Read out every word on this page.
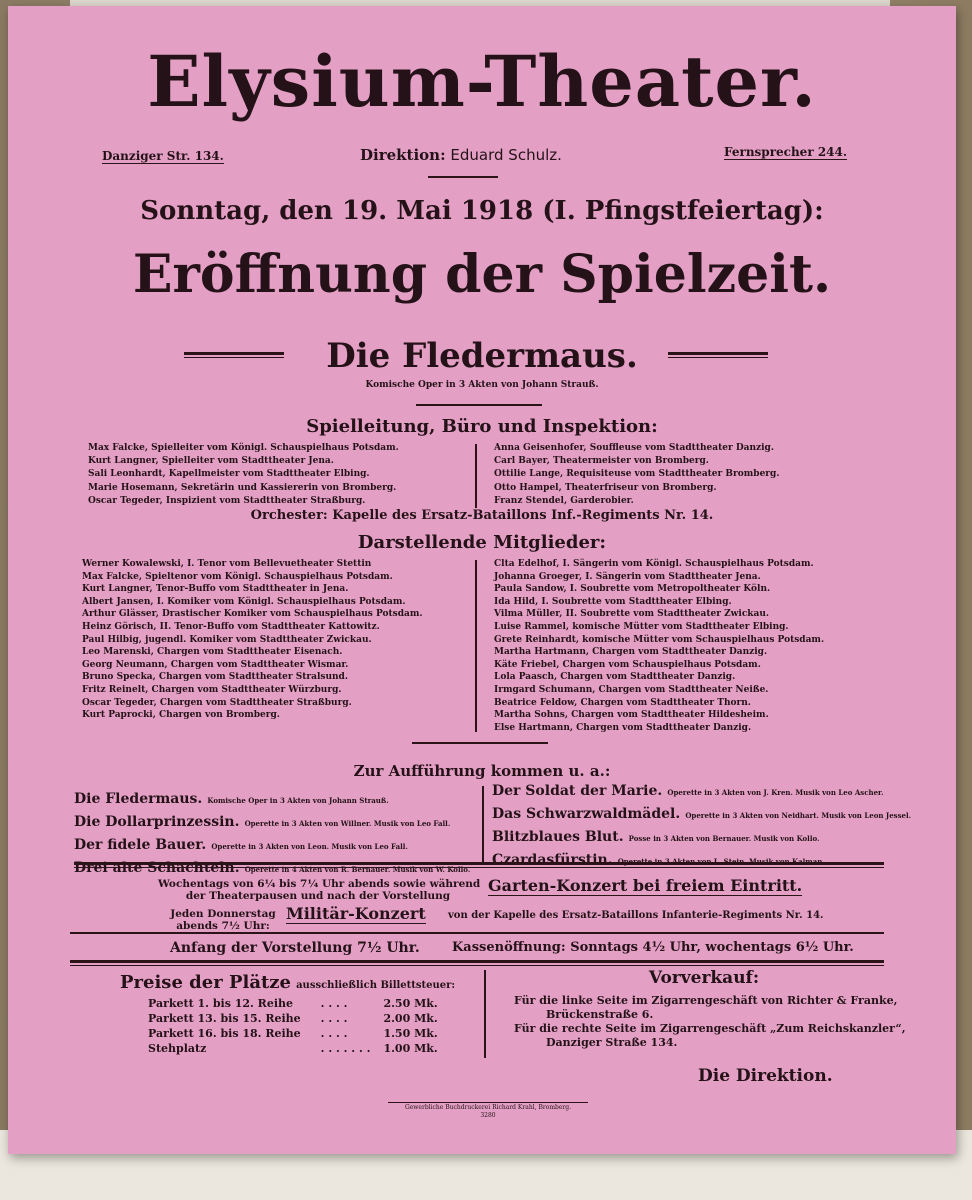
Elysium-Theater.
Danziger Str. 134.	Direktion: Eduard Schulz.	Fernsprecher 244.
Sonntag, den 19. Mai 1918 (I. Pfingstfeiertag):
Eröffnung der Spielzeit.
Die Fledermaus.
Komische Oper in 3 Akten von Johann Strauß.
Spielleitung, Büro und Inspektion:
Max Falcke, Spielleiter vom Königl. Schauspielhaus Potsdam.
Kurt Langner, Spielleiter vom Stadttheater Jena.
Sali Leonhardt, Kapellmeister vom Stadttheater Elbing.
Marie Hosemann, Sekretärin und Kassiererin von Bromberg.
Oscar Tegeder, Inspizient vom Stadttheater Straßburg.
Anna Geisenhofer, Souffleuse vom Stadttheater Danzig.
Carl Bayer, Theatermeister von Bromberg.
Ottilie Lange, Requisiteuse vom Stadttheater Bromberg.
Otto Hampel, Theaterfriseur von Bromberg.
Franz Stendel, Garderobier.
Orchester: Kapelle des Ersatz-Bataillons Inf.-Regiments Nr. 14.
Darstellende Mitglieder:
Werner Kowalewski, I. Tenor vom Bellevuetheater Stettin
Max Falcke, Spieltenor vom Königl. Schauspielhaus Potsdam.
Kurt Langner, Tenor-Buffo vom Stadttheater in Jena.
Albert Jansen, I. Komiker vom Königl. Schauspielhaus Potsdam.
Arthur Glässer, Drastischer Komiker vom Schauspielhaus Potsdam.
Heinz Görisch, II. Tenor-Buffo vom Stadttheater Kattowitz.
Paul Hilbig, jugendl. Komiker vom Stadttheater Zwickau.
Leo Marenski, Chargen vom Stadttheater Eisenach.
Georg Neumann, Chargen vom Stadttheater Wismar.
Bruno Specka, Chargen vom Stadttheater Stralsund.
Fritz Reinelt, Chargen vom Stadttheater Würzburg.
Oscar Tegeder, Chargen vom Stadttheater Straßburg.
Kurt Paprocki, Chargen von Bromberg.
Clta Edelhof, I. Sängerin vom Königl. Schauspielhaus Potsdam.
Johanna Groeger, I. Sängerin vom Stadttheater Jena.
Paula Sandow, I. Soubrette vom Metropoltheater Köln.
Ida Hild, I. Soubrette vom Stadttheater Elbing.
Vilma Müller, II. Soubrette vom Stadttheater Zwickau.
Luise Rammel, komische Mütter vom Stadttheater Elbing.
Grete Reinhardt, komische Mütter vom Schauspielhaus Potsdam.
Martha Hartmann, Chargen vom Stadttheater Danzig.
Käte Friebel, Chargen vom Schauspielhaus Potsdam.
Lola Paasch, Chargen vom Stadttheater Danzig.
Irmgard Schumann, Chargen vom Stadttheater Neiße.
Beatrice Feldow, Chargen vom Stadttheater Thorn.
Martha Sohns, Chargen vom Stadttheater Hildesheim.
Else Hartmann, Chargen vom Stadttheater Danzig.
Zur Aufführung kommen u. a.:
Die Fledermaus. Komische Oper in 3 Akten von Johann Strauß.
Die Dollarprinzessin. Operette in 3 Akten von Willner. Musik von Leo Fall.
Der fidele Bauer. Operette in 3 Akten von Leon. Musik von Leo Fall.
Drei alte Schachteln. Operette in 4 Akten von R. Bernauer. Musik von W. Kollo.
Der Soldat der Marie. Operette in 3 Akten von J. Kren. Musik von Leo Ascher.
Das Schwarzwaldmädel. Operette in 3 Akten von Neidhart. Musik von Leon Jessel.
Blitzblaues Blut. Posse in 3 Akten von Bernauer. Musik von Kollo.
Czardasfürstin. Operette in 3 Akten von L. Stein. Musik von Kalman.
Wochentags von 6¼ bis 7¼ Uhr abends sowie während
der Theaterpausen und nach der Vorstellung
Garten-Konzert bei freiem Eintritt.
Jeden Donnerstag
abends 7½ Uhr:
Militär-Konzert von der Kapelle des Ersatz-Bataillons Infanterie-Regiments Nr. 14.
Anfang der Vorstellung 7½ Uhr. Kassenöffnung: Sonntags 4½ Uhr, wochentags 6½ Uhr.
Preise der Plätze ausschließlich Billettsteuer:
Parkett 1. bis 12. Reihe	. . . .	2.50 Mk.
Parkett 13. bis 15. Reihe	. . . .	2.00 Mk.
Parkett 16. bis 18. Reihe	. . . .	1.50 Mk.
Stehplatz	. . . . . . .	1.00 Mk.
Vorverkauf:
Für die linke Seite im Zigarrengeschäft von Richter & Franke,
Brückenstraße 6.
Für die rechte Seite im Zigarrengeschäft „Zum Reichskanzler“,
Danziger Straße 134.
Die Direktion.
Gewerbliche Buchdruckerei Richard Krahl, Bromberg.
3280
